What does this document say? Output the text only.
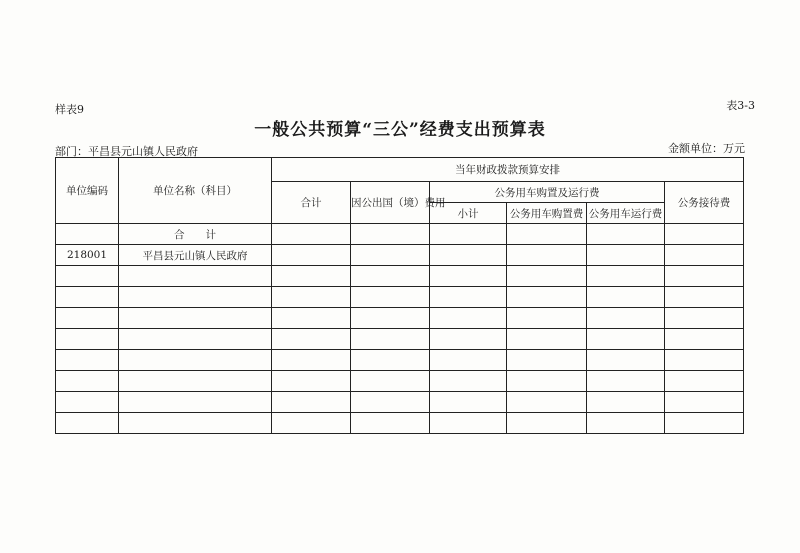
样表9	表3-3
一般公共预算“三公”经费支出预算表
部门：平昌县元山镇人民政府	金额单位：万元
单位编码	单位名称（科目）	当年财政拨款预算安排					
		合计	因公出国（境）费用	公务用车购置及运行费			公务接待费
				小计	公务用车购置费	公务用车运行费	
	合　　计						
218001	平昌县元山镇人民政府						
